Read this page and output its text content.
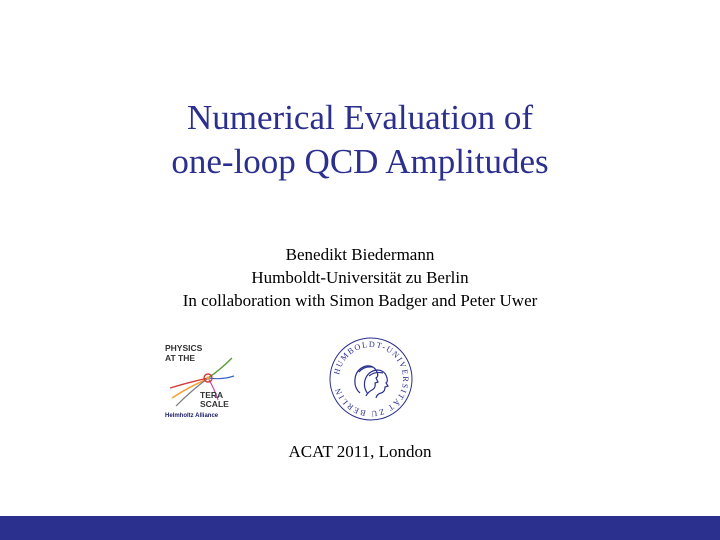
Numerical Evaluation of
one-loop QCD Amplitudes
Benedikt Biedermann
Humboldt-Universität zu Berlin
In collaboration with Simon Badger and Peter Uwer
PHYSICS
AT THE
TERA
SCALE
Helmholtz Alliance
HUMBOLDT-UNIVERSITÄT ZU BERLIN
ACAT 2011, London
